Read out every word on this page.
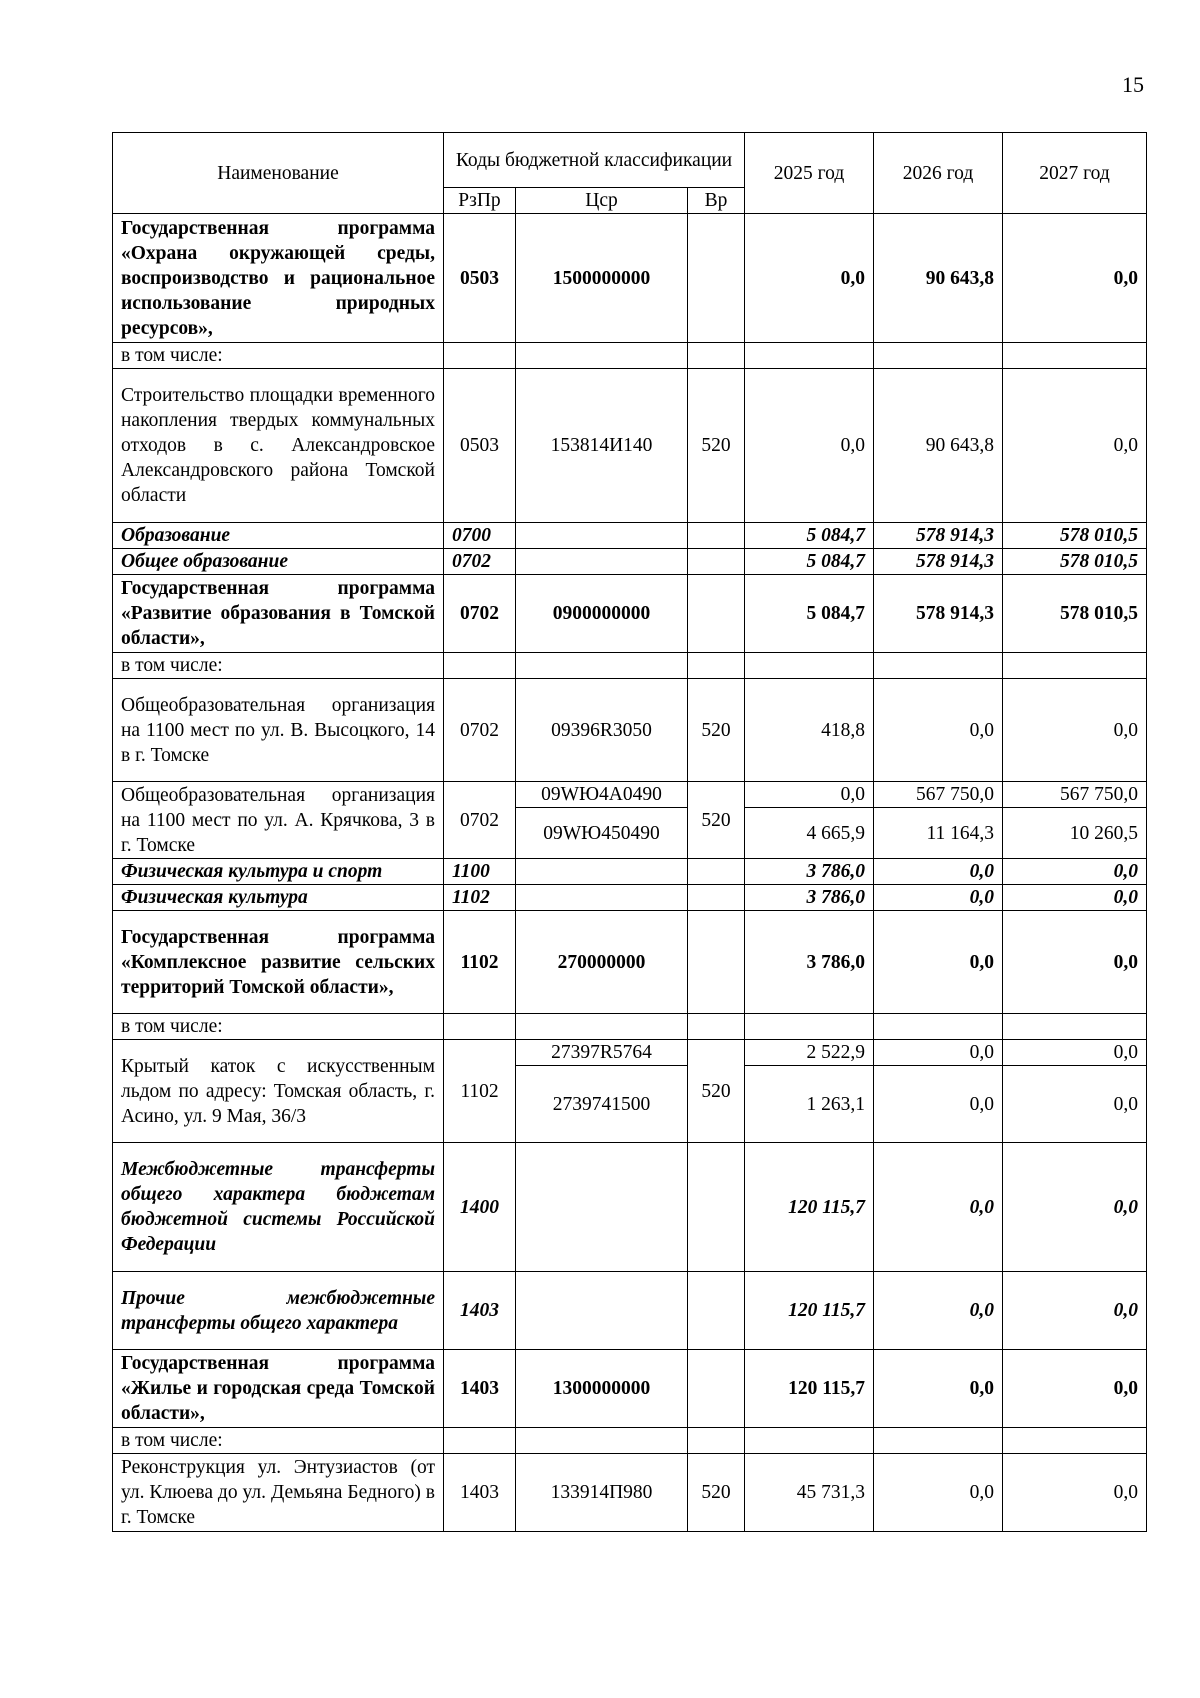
15
Наименование	Коды бюджетной классификации			2025 год	2026 год	2027 год
	РзПр	Цср	Вр			
Государственная программа «Охрана окружающей среды, воспроизводство и рациональное использование природных ресурсов»,	0503	1500000000		0,0	90 643,8	0,0
в том числе:						
Строительство площадки временного накопления твердых коммунальных отходов в с. Александровское Александровского района Томской области	0503	153814И140	520	0,0	90 643,8	0,0
Образование	0700			5 084,7	578 914,3	578 010,5
Общее образование	0702			5 084,7	578 914,3	578 010,5
Государственная программа «Развитие образования в Томской области»,	0702	0900000000		5 084,7	578 914,3	578 010,5
в том числе:						
Общеобразовательная организация на 1100 мест по ул. В. Высоцкого, 14 в г. Томске	0702	09396R3050	520	418,8	0,0	0,0
Общеобразовательная организация на 1100 мест по ул. А. Крячкова, 3 в г. Томске	0702	09WЮ4А0490	520	0,0	567 750,0	567 750,0
		09WЮ450490		4 665,9	11 164,3	10 260,5
Физическая культура и спорт	1100			3 786,0	0,0	0,0
Физическая культура	1102			3 786,0	0,0	0,0
Государственная программа «Комплексное развитие сельских территорий Томской области»,	1102	270000000		3 786,0	0,0	0,0
в том числе:						
Крытый каток с искусственным льдом по адресу: Томская область, г. Асино, ул. 9 Мая, 36/3	1102	27397R5764	520	2 522,9	0,0	0,0
		2739741500		1 263,1	0,0	0,0
Межбюджетные трансферты общего характера бюджетам бюджетной системы Российской Федерации	1400			120 115,7	0,0	0,0
Прочие межбюджетные трансферты общего характера	1403			120 115,7	0,0	0,0
Государственная программа «Жилье и городская среда Томской области»,	1403	1300000000		120 115,7	0,0	0,0
в том числе:						
Реконструкция ул. Энтузиастов (от ул. Клюева до ул. Демьяна Бедного) в г. Томске	1403	133914П980	520	45 731,3	0,0	0,0
